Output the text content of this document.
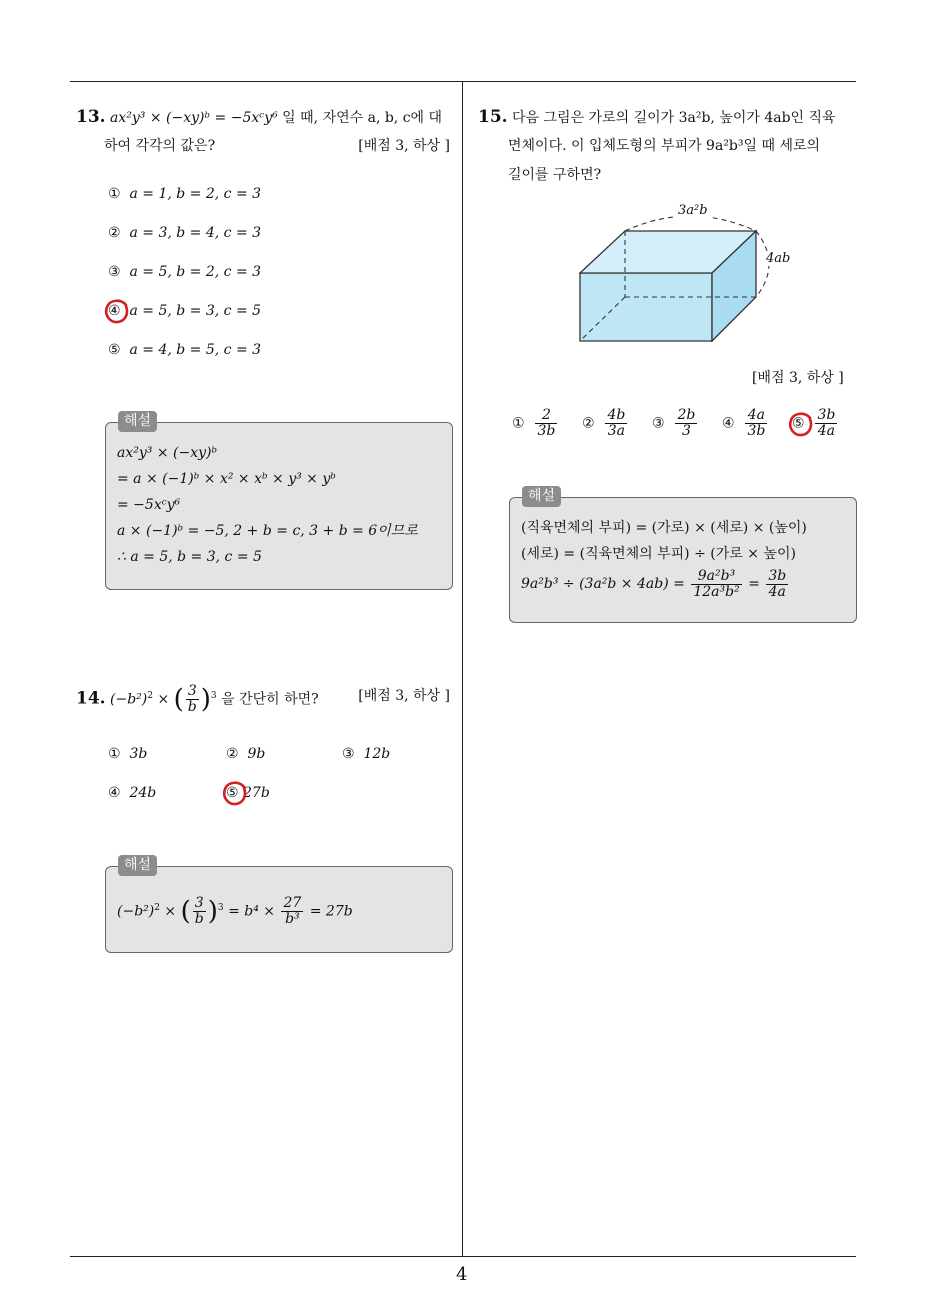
4
13. ax²y³ × (−xy)ᵇ = −5xᶜy⁶ 일 때, 자연수 a, b, c에 대
하여 각각의 값은?	[배점 3, 하상 ]
① a = 1, b = 2, c = 3
② a = 3, b = 4, c = 3
③ a = 5, b = 2, c = 3
④ a = 5, b = 3, c = 5
⑤ a = 4, b = 5, c = 3
해설
ax²y³ × (−xy)ᵇ
= a × (−1)ᵇ × x² × xᵇ × y³ × yᵇ
= −5xᶜy⁶
a × (−1)ᵇ = −5, 2 + b = c, 3 + b = 6이므로
∴ a = 5, b = 3, c = 5
14. $(-b^2)^2$ × ( $\frac{3}{b} )^3$ 을 간단히 하면?	[배점 3, 하상 ]
① 3b	② 9b	③ 12b
④ 24b	⑤ 27b
해설
$(-b^2)^2$ × ( $\frac{3}{b} )^3 = b^4 \times \frac{27}{\text{b³}} = 27b$
15. 다음 그림은 가로의 길이가 3a²b, 높이가 4ab인 직육
면체이다. 이 입체도형의 부피가 9a²b³일 때 세로의
길이를 구하면?
3a²b
4ab
[배점 3, 하상 ]
① $\frac{2}{3b}$ ② $\frac{4b}{3a}$ ③ $\frac{2b}{3}$ ④ $\frac{4a}{3b}$ ⑤ $\frac{3b}{4a}$
해설
(직육면체의 부피) = (가로) × (세로) × (높이)
(세로) = (직육면체의 부피) ÷ (가로 × 높이)
$9a^2b^3 \div (3a^2b \times 4ab) = \frac{\text{9a²b³}}{\text{12a³b²}} = \frac{3b}{4a}$
